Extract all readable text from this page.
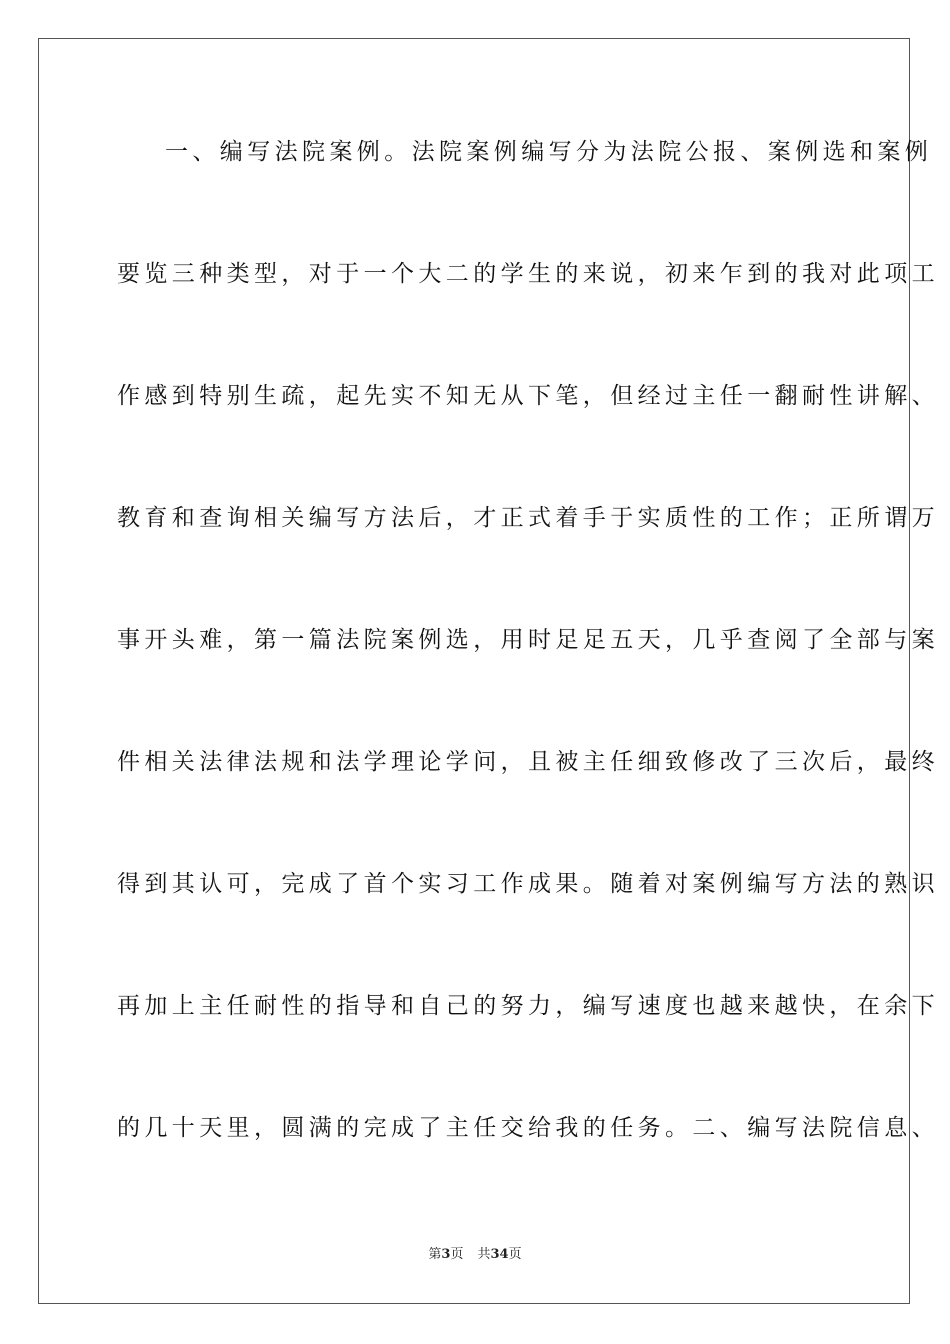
一、编写法院案例。法院案例编写分为法院公报、案例选和案例
要览三种类型，对于一个大二的学生的来说，初来乍到的我对此项工
作感到特别生疏，起先实不知无从下笔，但经过主任一翻耐性讲解、
教育和查询相关编写方法后，才正式着手于实质性的工作；正所谓万
事开头难，第一篇法院案例选，用时足足五天，几乎查阅了全部与案
件相关法律法规和法学理论学问，且被主任细致修改了三次后，最终
得到其认可，完成了首个实习工作成果。随着对案例编写方法的熟识
再加上主任耐性的指导和自己的努力，编写速度也越来越快，在余下
的几十天里，圆满的完成了主任交给我的任务。二、编写法院信息、
第3页 共34页
